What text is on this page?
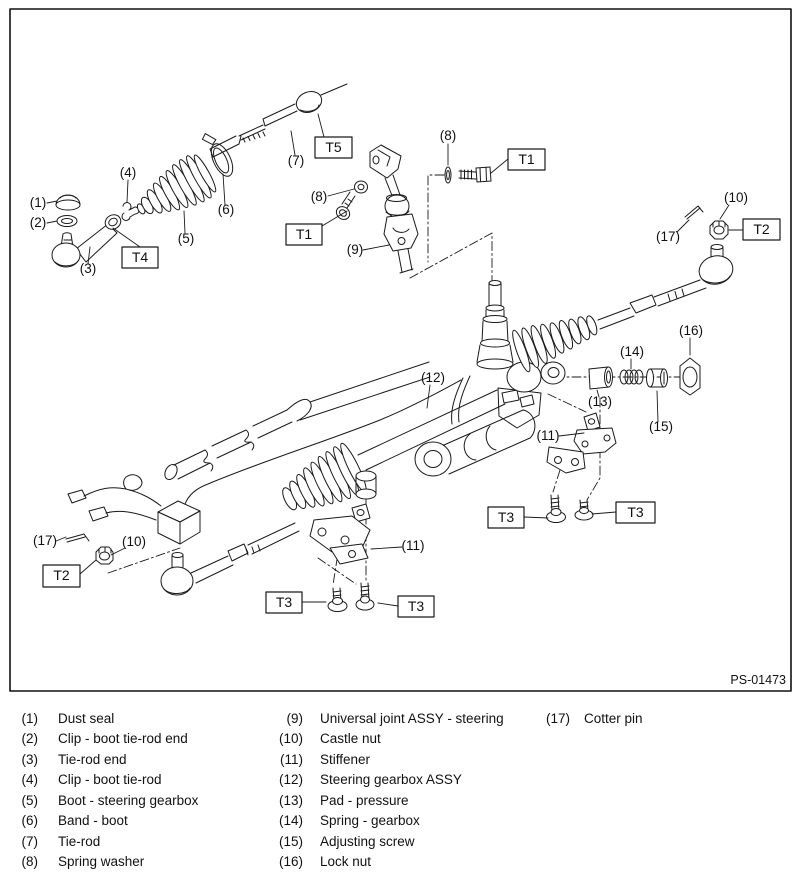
(1)
(2)
(3)
(4)
(5)
(6)
(7)
(8)
(9)
(8)
(10)
(17)
(12)
(14)
(16)
(13)
(15)
(11)
(17)	(10)	(11)
T4
T5
T1
T1
T2
T2
T3	T3
T3	T3
PS-01473
(1) Dust seal
(2) Clip - boot tie-rod end
(3) Tie-rod end
(4) Clip - boot tie-rod
(5) Boot - steering gearbox
(6) Band - boot
(7) Tie-rod
(8) Spring washer
(9) Universal joint ASSY - steering
(10) Castle nut
(11) Stiffener
(12) Steering gearbox ASSY
(13) Pad - pressure
(14) Spring - gearbox
(15) Adjusting screw
(16) Lock nut
(17) Cotter pin
